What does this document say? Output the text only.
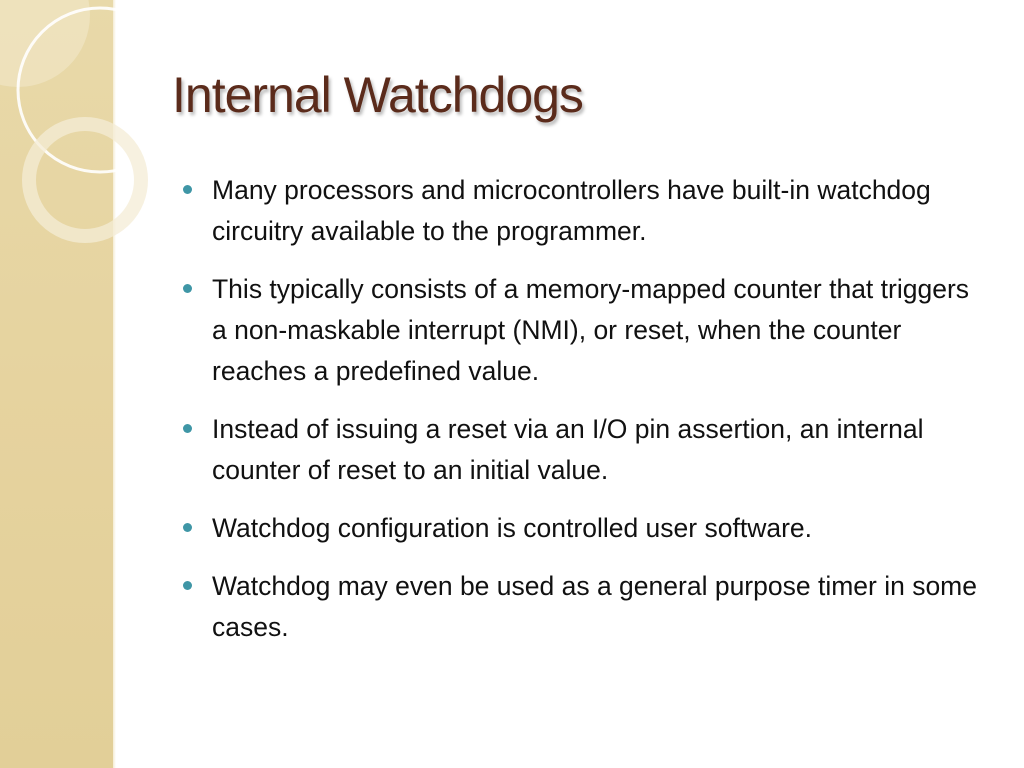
Internal Watchdogs
Many processors and microcontrollers have built-in watchdog circuitry available to the programmer.
This typically consists of a memory-mapped counter that triggers a non-maskable interrupt (NMI), or reset, when the counter reaches a predefined value.
Instead of issuing a reset via an I/O pin assertion, an internal counter of reset to an initial value.
Watchdog configuration is controlled user software.
Watchdog may even be used as a general purpose timer in some cases.
